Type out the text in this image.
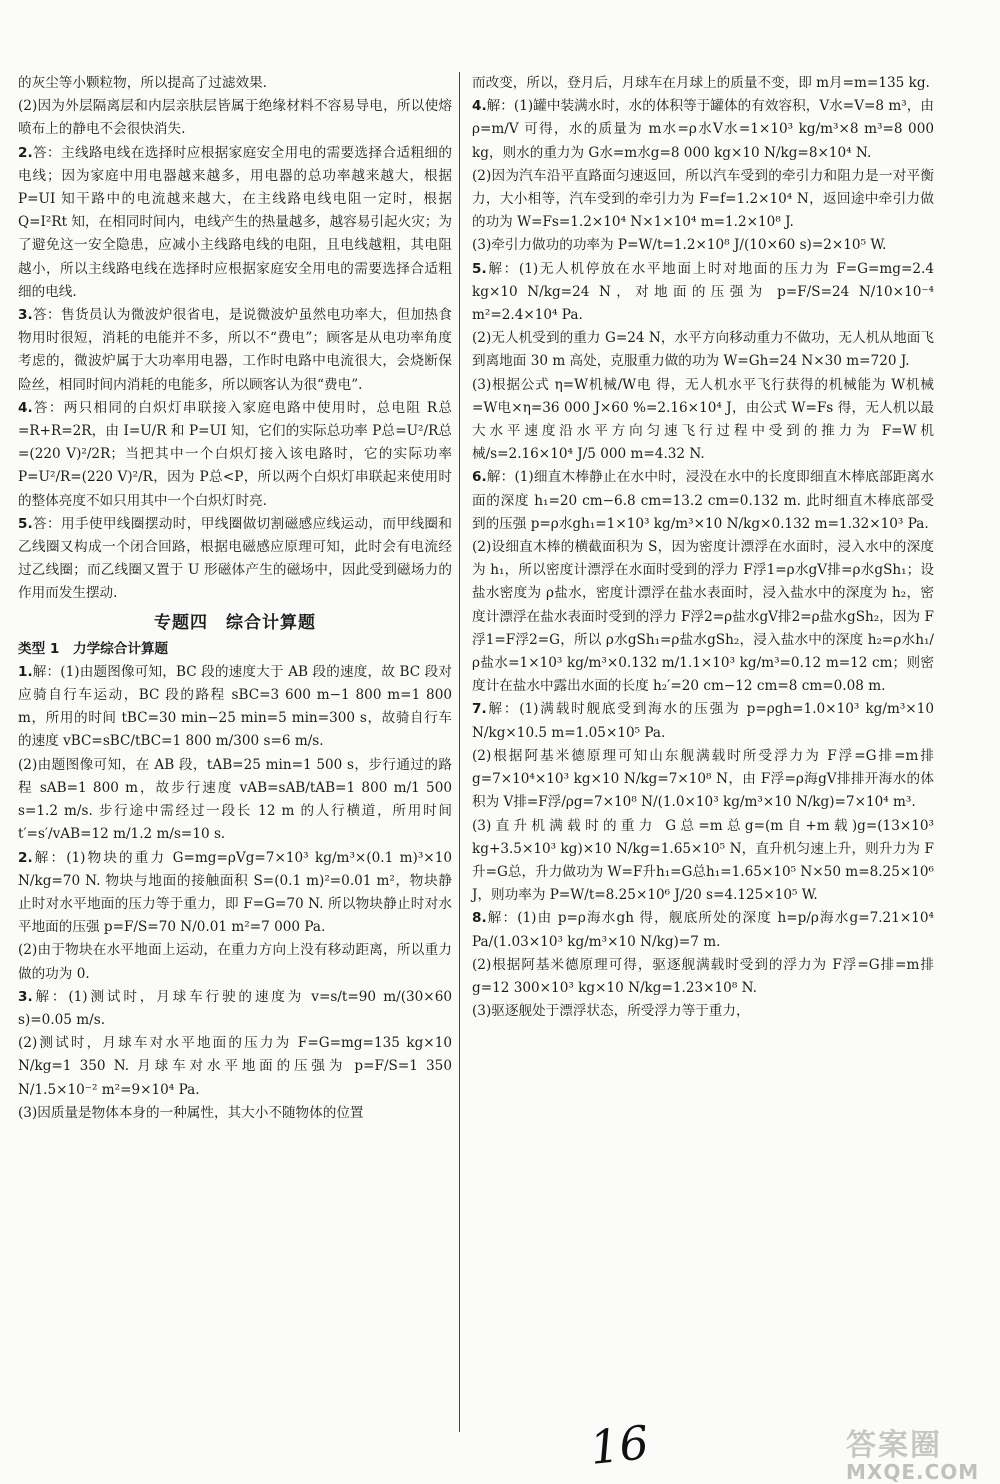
的灰尘等小颗粒物，所以提高了过滤效果.
(2)因为外层隔离层和内层亲肤层皆属于绝缘材料不容易导电，所以使熔喷布上的静电不会很快消失.
2.答：主线路电线在选择时应根据家庭安全用电的需要选择合适粗细的电线；因为家庭中用电器越来越多，用电器的总功率越来越大，根据 P=UI 知干路中的电流越来越大，在主线路电线电阻一定时，根据 Q=I²Rt 知，在相同时间内，电线产生的热量越多，越容易引起火灾；为了避免这一安全隐患，应减小主线路电线的电阻，且电线越粗，其电阻越小，所以主线路电线在选择时应根据家庭安全用电的需要选择合适粗细的电线.
3.答：售货员认为微波炉很省电，是说微波炉虽然电功率大，但加热食物用时很短，消耗的电能并不多，所以不“费电”；顾客是从电功率角度考虑的，微波炉属于大功率用电器，工作时电路中电流很大，会烧断保险丝，相同时间内消耗的电能多，所以顾客认为很“费电”.
4.答：两只相同的白炽灯串联接入家庭电路中使用时，总电阻 R总=R+R=2R，由 I=U/R 和 P=UI 知，它们的实际总功率 P总=U²/R总=(220 V)²/2R；当把其中一个白炽灯接入该电路时，它的实际功率 P=U²/R=(220 V)²/R，因为 P总<P，所以两个白炽灯串联起来使用时的整体亮度不如只用其中一个白炽灯时亮.
5.答：用手使甲线圈摆动时，甲线圈做切割磁感应线运动，而甲线圈和乙线圈又构成一个闭合回路，根据电磁感应原理可知，此时会有电流经过乙线圈；而乙线圈又置于 U 形磁体产生的磁场中，因此受到磁场力的作用而发生摆动.
专题四　综合计算题
类型 1　力学综合计算题
1.解：(1)由题图像可知，BC 段的速度大于 AB 段的速度，故 BC 段对应骑自行车运动，BC 段的路程 sBC=3 600 m−1 800 m=1 800 m，所用的时间 tBC=30 min−25 min=5 min=300 s，故骑自行车的速度 vBC=sBC/tBC=1 800 m/300 s=6 m/s.
(2)由题图像可知，在 AB 段，tAB=25 min=1 500 s，步行通过的路程 sAB=1 800 m，故步行速度 vAB=sAB/tAB=1 800 m/1 500 s=1.2 m/s. 步行途中需经过一段长 12 m 的人行横道，所用时间 t′=s′/vAB=12 m/1.2 m/s=10 s.
2.解：(1)物块的重力 G=mg=ρVg=7×10³ kg/m³×(0.1 m)³×10 N/kg=70 N. 物块与地面的接触面积 S=(0.1 m)²=0.01 m²，物块静止时对水平地面的压力等于重力，即 F=G=70 N. 所以物块静止时对水平地面的压强 p=F/S=70 N/0.01 m²=7 000 Pa.
(2)由于物块在水平地面上运动，在重力方向上没有移动距离，所以重力做的功为 0.
3.解：(1)测试时，月球车行驶的速度为 v=s/t=90 m/(30×60 s)=0.05 m/s.
(2)测试时，月球车对水平地面的压力为 F=G=mg=135 kg×10 N/kg=1 350 N. 月球车对水平地面的压强为 p=F/S=1 350 N/1.5×10⁻² m²=9×10⁴ Pa.
(3)因质量是物体本身的一种属性，其大小不随物体的位置
而改变，所以，登月后，月球车在月球上的质量不变，即 m月=m=135 kg.
4.解：(1)罐中装满水时，水的体积等于罐体的有效容积，V水=V=8 m³，由 ρ=m/V 可得，水的质量为 m水=ρ水V水=1×10³ kg/m³×8 m³=8 000 kg，则水的重力为 G水=m水g=8 000 kg×10 N/kg=8×10⁴ N.
(2)因为汽车沿平直路面匀速返回，所以汽车受到的牵引力和阻力是一对平衡力，大小相等，汽车受到的牵引力为 F=f=1.2×10⁴ N，返回途中牵引力做的功为 W=Fs=1.2×10⁴ N×1×10⁴ m=1.2×10⁸ J.
(3)牵引力做功的功率为 P=W/t=1.2×10⁸ J/(10×60 s)=2×10⁵ W.
5.解：(1)无人机停放在水平地面上时对地面的压力为 F=G=mg=2.4 kg×10 N/kg=24 N，对地面的压强为 p=F/S=24 N/10×10⁻⁴ m²=2.4×10⁴ Pa.
(2)无人机受到的重力 G=24 N，水平方向移动重力不做功，无人机从地面飞到离地面 30 m 高处，克服重力做的功为 W=Gh=24 N×30 m=720 J.
(3)根据公式 η=W机械/W电 得，无人机水平飞行获得的机械能为 W机械=W电×η=36 000 J×60 %=2.16×10⁴ J，由公式 W=Fs 得，无人机以最大水平速度沿水平方向匀速飞行过程中受到的推力为 F=W机械/s=2.16×10⁴ J/5 000 m=4.32 N.
6.解：(1)细直木棒静止在水中时，浸没在水中的长度即细直木棒底部距离水面的深度 h₁=20 cm−6.8 cm=13.2 cm=0.132 m. 此时细直木棒底部受到的压强 p=ρ水gh₁=1×10³ kg/m³×10 N/kg×0.132 m=1.32×10³ Pa.
(2)设细直木棒的横截面积为 S，因为密度计漂浮在水面时，浸入水中的深度为 h₁，所以密度计漂浮在水面时受到的浮力 F浮1=ρ水gV排=ρ水gSh₁；设盐水密度为 ρ盐水，密度计漂浮在盐水表面时，浸入盐水中的深度为 h₂，密度计漂浮在盐水表面时受到的浮力 F浮2=ρ盐水gV排2=ρ盐水gSh₂，因为 F浮1=F浮2=G，所以 ρ水gSh₁=ρ盐水gSh₂，浸入盐水中的深度 h₂=ρ水h₁/ρ盐水=1×10³ kg/m³×0.132 m/1.1×10³ kg/m³=0.12 m=12 cm；则密度计在盐水中露出水面的长度 h₂′=20 cm−12 cm=8 cm=0.08 m.
7.解：(1)满载时舰底受到海水的压强为 p=ρgh=1.0×10³ kg/m³×10 N/kg×10.5 m=1.05×10⁵ Pa.
(2)根据阿基米德原理可知山东舰满载时所受浮力为 F浮=G排=m排g=7×10⁴×10³ kg×10 N/kg=7×10⁸ N，由 F浮=ρ海gV排排开海水的体积为 V排=F浮/ρg=7×10⁸ N/(1.0×10³ kg/m³×10 N/kg)=7×10⁴ m³.
(3)直升机满载时的重力 G总=m总g=(m自+m载)g=(13×10³ kg+3.5×10³ kg)×10 N/kg=1.65×10⁵ N，直升机匀速上升，则升力为 F升=G总，升力做功为 W=F升h₁=G总h₁=1.65×10⁵ N×50 m=8.25×10⁶ J，则功率为 P=W/t=8.25×10⁶ J/20 s=4.125×10⁵ W.
8.解：(1)由 p=ρ海水gh 得，舰底所处的深度 h=p/ρ海水g=7.21×10⁴ Pa/(1.03×10³ kg/m³×10 N/kg)=7 m.
(2)根据阿基米德原理可得，驱逐舰满载时受到的浮力为 F浮=G排=m排g=12 300×10³ kg×10 N/kg=1.23×10⁸ N.
(3)驱逐舰处于漂浮状态，所受浮力等于重力，
16	答案圈
MXQE.COM
